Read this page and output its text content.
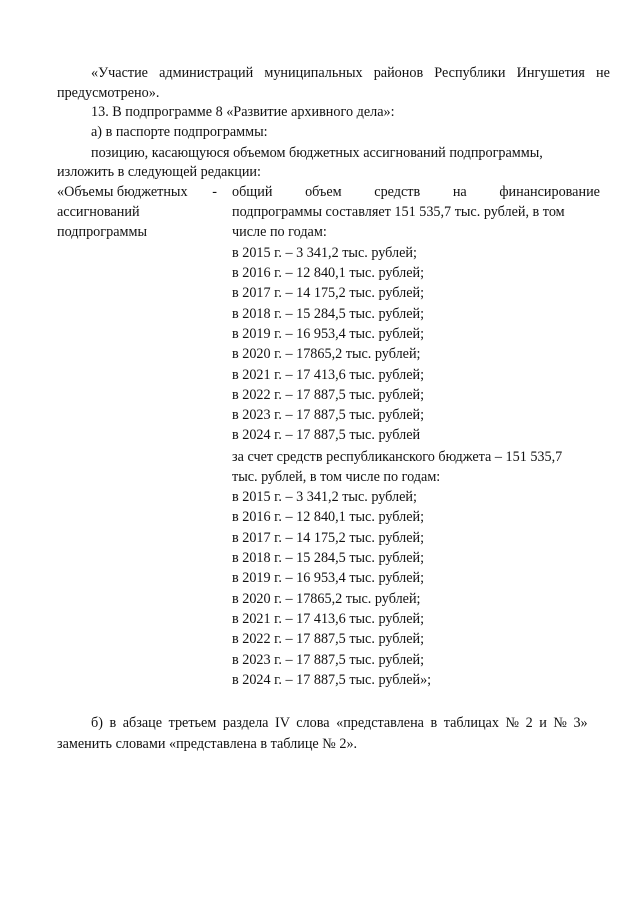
«Участие администраций муниципальных районов Республики Ингушетия не
предусмотрено».
13. В подпрограмме 8 «Развитие архивного дела»:
а) в паспорте подпрограммы:
позицию, касающуюся объемом бюджетных ассигнований подпрограммы,
изложить в следующей редакции:
«Объемы бюджетных -
ассигнований
подпрограммы
общий объем средств на финансирование
подпрограммы составляет 151 535,7 тыс. рублей, в том
числе по годам:
в 2015 г. – 3 341,2 тыс. рублей;
в 2016 г. – 12 840,1 тыс. рублей;
в 2017 г. – 14 175,2 тыс. рублей;
в 2018 г. – 15 284,5 тыс. рублей;
в 2019 г. – 16 953,4 тыс. рублей;
в 2020 г. – 17865,2 тыс. рублей;
в 2021 г. – 17 413,6 тыс. рублей;
в 2022 г. – 17 887,5 тыс. рублей;
в 2023 г. – 17 887,5 тыс. рублей;
в 2024 г. – 17 887,5 тыс. рублей
за счет средств республиканского бюджета – 151 535,7
тыс. рублей, в том числе по годам:
в 2015 г. – 3 341,2 тыс. рублей;
в 2016 г. – 12 840,1 тыс. рублей;
в 2017 г. – 14 175,2 тыс. рублей;
в 2018 г. – 15 284,5 тыс. рублей;
в 2019 г. – 16 953,4 тыс. рублей;
в 2020 г. – 17865,2 тыс. рублей;
в 2021 г. – 17 413,6 тыс. рублей;
в 2022 г. – 17 887,5 тыс. рублей;
в 2023 г. – 17 887,5 тыс. рублей;
в 2024 г. – 17 887,5 тыс. рублей»;
б) в абзаце третьем раздела IV слова «представлена в таблицах № 2 и № 3»
заменить словами «представлена в таблице № 2».
